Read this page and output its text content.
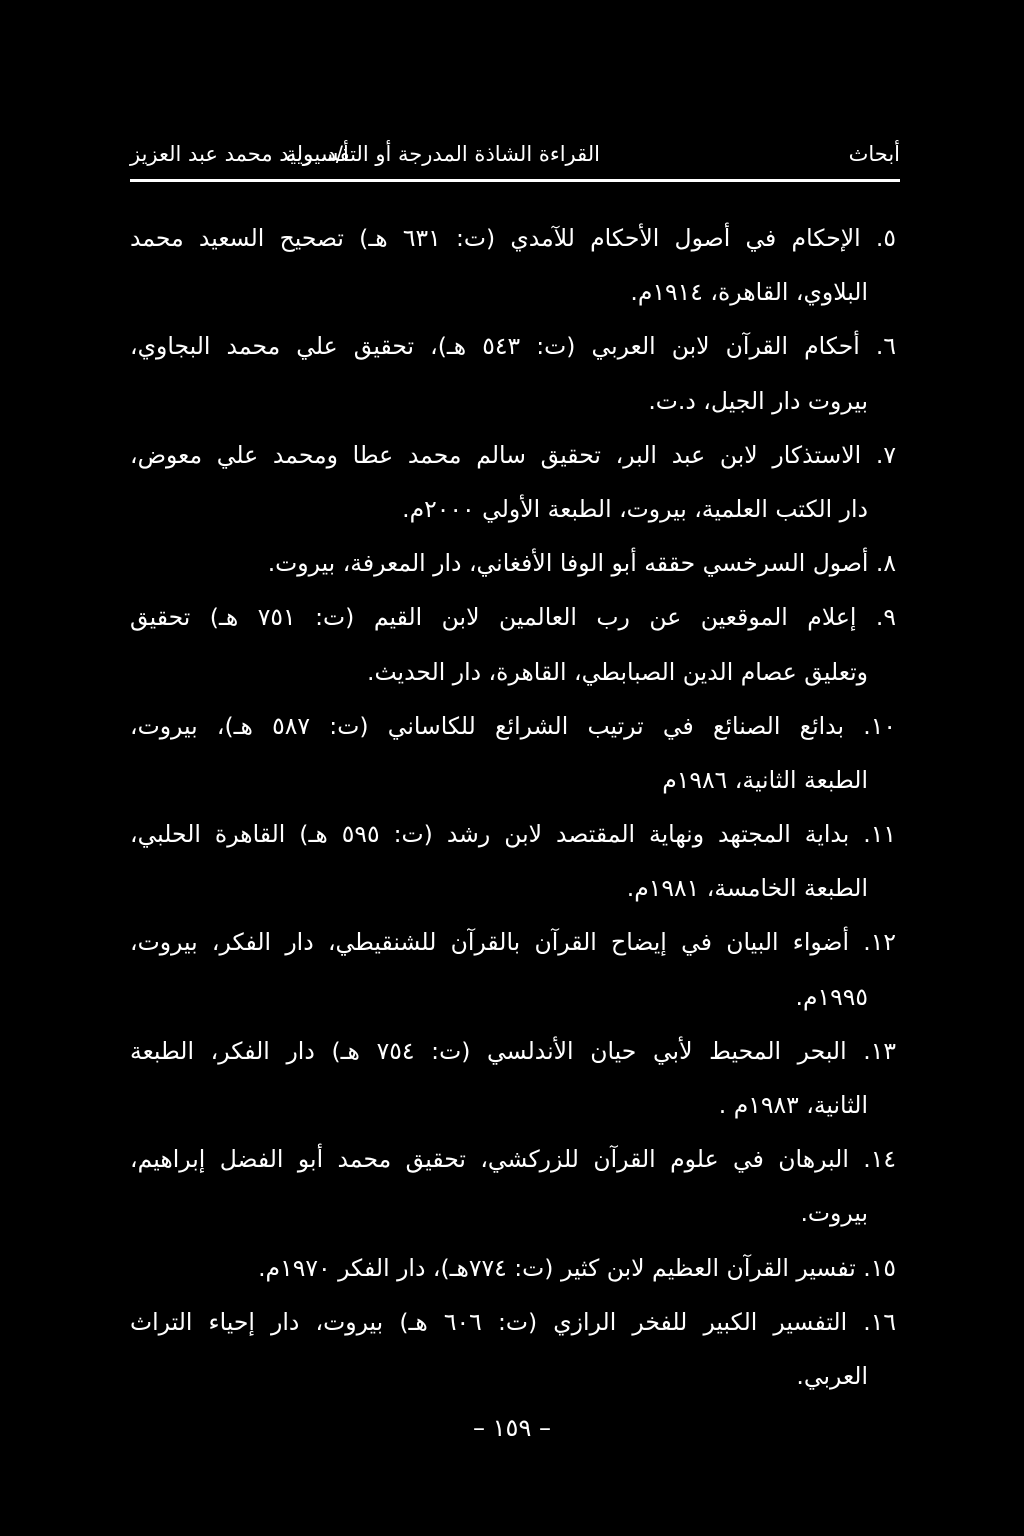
أبحاث
القراءة الشاذة المدرجة أو التفسيرية
أ/د. وليد محمد عبد العزيز
٥. الإحكام في أصول الأحكام للآمدي (ت: ٦٣١ هـ) تصحيح السعيد محمد
البلاوي، القاهرة، ١٩١٤م.
٦. أحكام القرآن لابن العربي (ت: ٥٤٣ هـ)، تحقيق علي محمد البجاوي،
بيروت دار الجيل، د.ت.
٧. الاستذكار لابن عبد البر، تحقيق سالم محمد عطا ومحمد علي معوض،
دار الكتب العلمية، بيروت، الطبعة الأولي ٢٠٠٠م.
٨. أصول السرخسي حققه أبو الوفا الأفغاني، دار المعرفة، بيروت.
٩. إعلام الموقعين عن رب العالمين لابن القيم (ت: ٧٥١ هـ) تحقيق
وتعليق عصام الدين الصبابطي، القاهرة، دار الحديث.
١٠. بدائع الصنائع في ترتيب الشرائع للكاساني (ت: ٥٨٧ هـ)، بيروت،
الطبعة الثانية، ١٩٨٦م
١١. بداية المجتهد ونهاية المقتصد لابن رشد (ت: ٥٩٥ هـ) القاهرة الحلبي،
الطبعة الخامسة، ١٩٨١م.
١٢. أضواء البيان في إيضاح القرآن بالقرآن للشنقيطي، دار الفكر، بيروت،
١٩٩٥م.
١٣. البحر المحيط لأبي حيان الأندلسي (ت: ٧٥٤ هـ) دار الفكر، الطبعة
الثانية، ١٩٨٣م .
١٤. البرهان في علوم القرآن للزركشي، تحقيق محمد أبو الفضل إبراهيم،
بيروت.
١٥. تفسير القرآن العظيم لابن كثير (ت: ٧٧٤هـ)، دار الفكر ١٩٧٠م.
١٦. التفسير الكبير للفخر الرازي (ت: ٦٠٦ هـ) بيروت، دار إحياء التراث
العربي.
– ١٥٩ –
